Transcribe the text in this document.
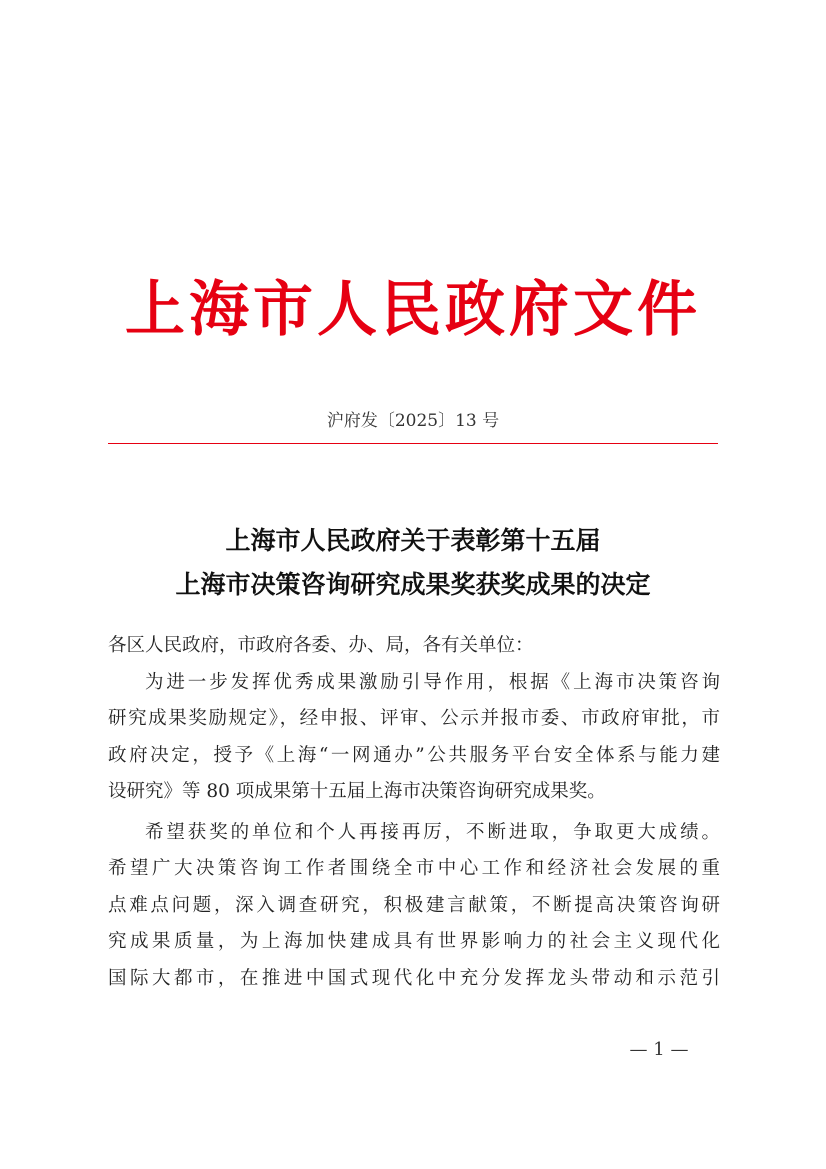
上海市人民政府文件
沪府发〔2025〕13 号
上海市人民政府关于表彰第十五届
上海市决策咨询研究成果奖获奖成果的决定
各区人民政府，市政府各委、办、局，各有关单位：
为进一步发挥优秀成果激励引导作用，根据《上海市决策咨询
研究成果奖励规定》，经申报、评审、公示并报市委、市政府审批，市
政府决定，授予《上海“一网通办”公共服务平台安全体系与能力建
设研究》等 80 项成果第十五届上海市决策咨询研究成果奖。
希望获奖的单位和个人再接再厉，不断进取，争取更大成绩。
希望广大决策咨询工作者围绕全市中心工作和经济社会发展的重
点难点问题，深入调查研究，积极建言献策，不断提高决策咨询研
究成果质量，为上海加快建成具有世界影响力的社会主义现代化
国际大都市，在推进中国式现代化中充分发挥龙头带动和示范引
— 1 —
